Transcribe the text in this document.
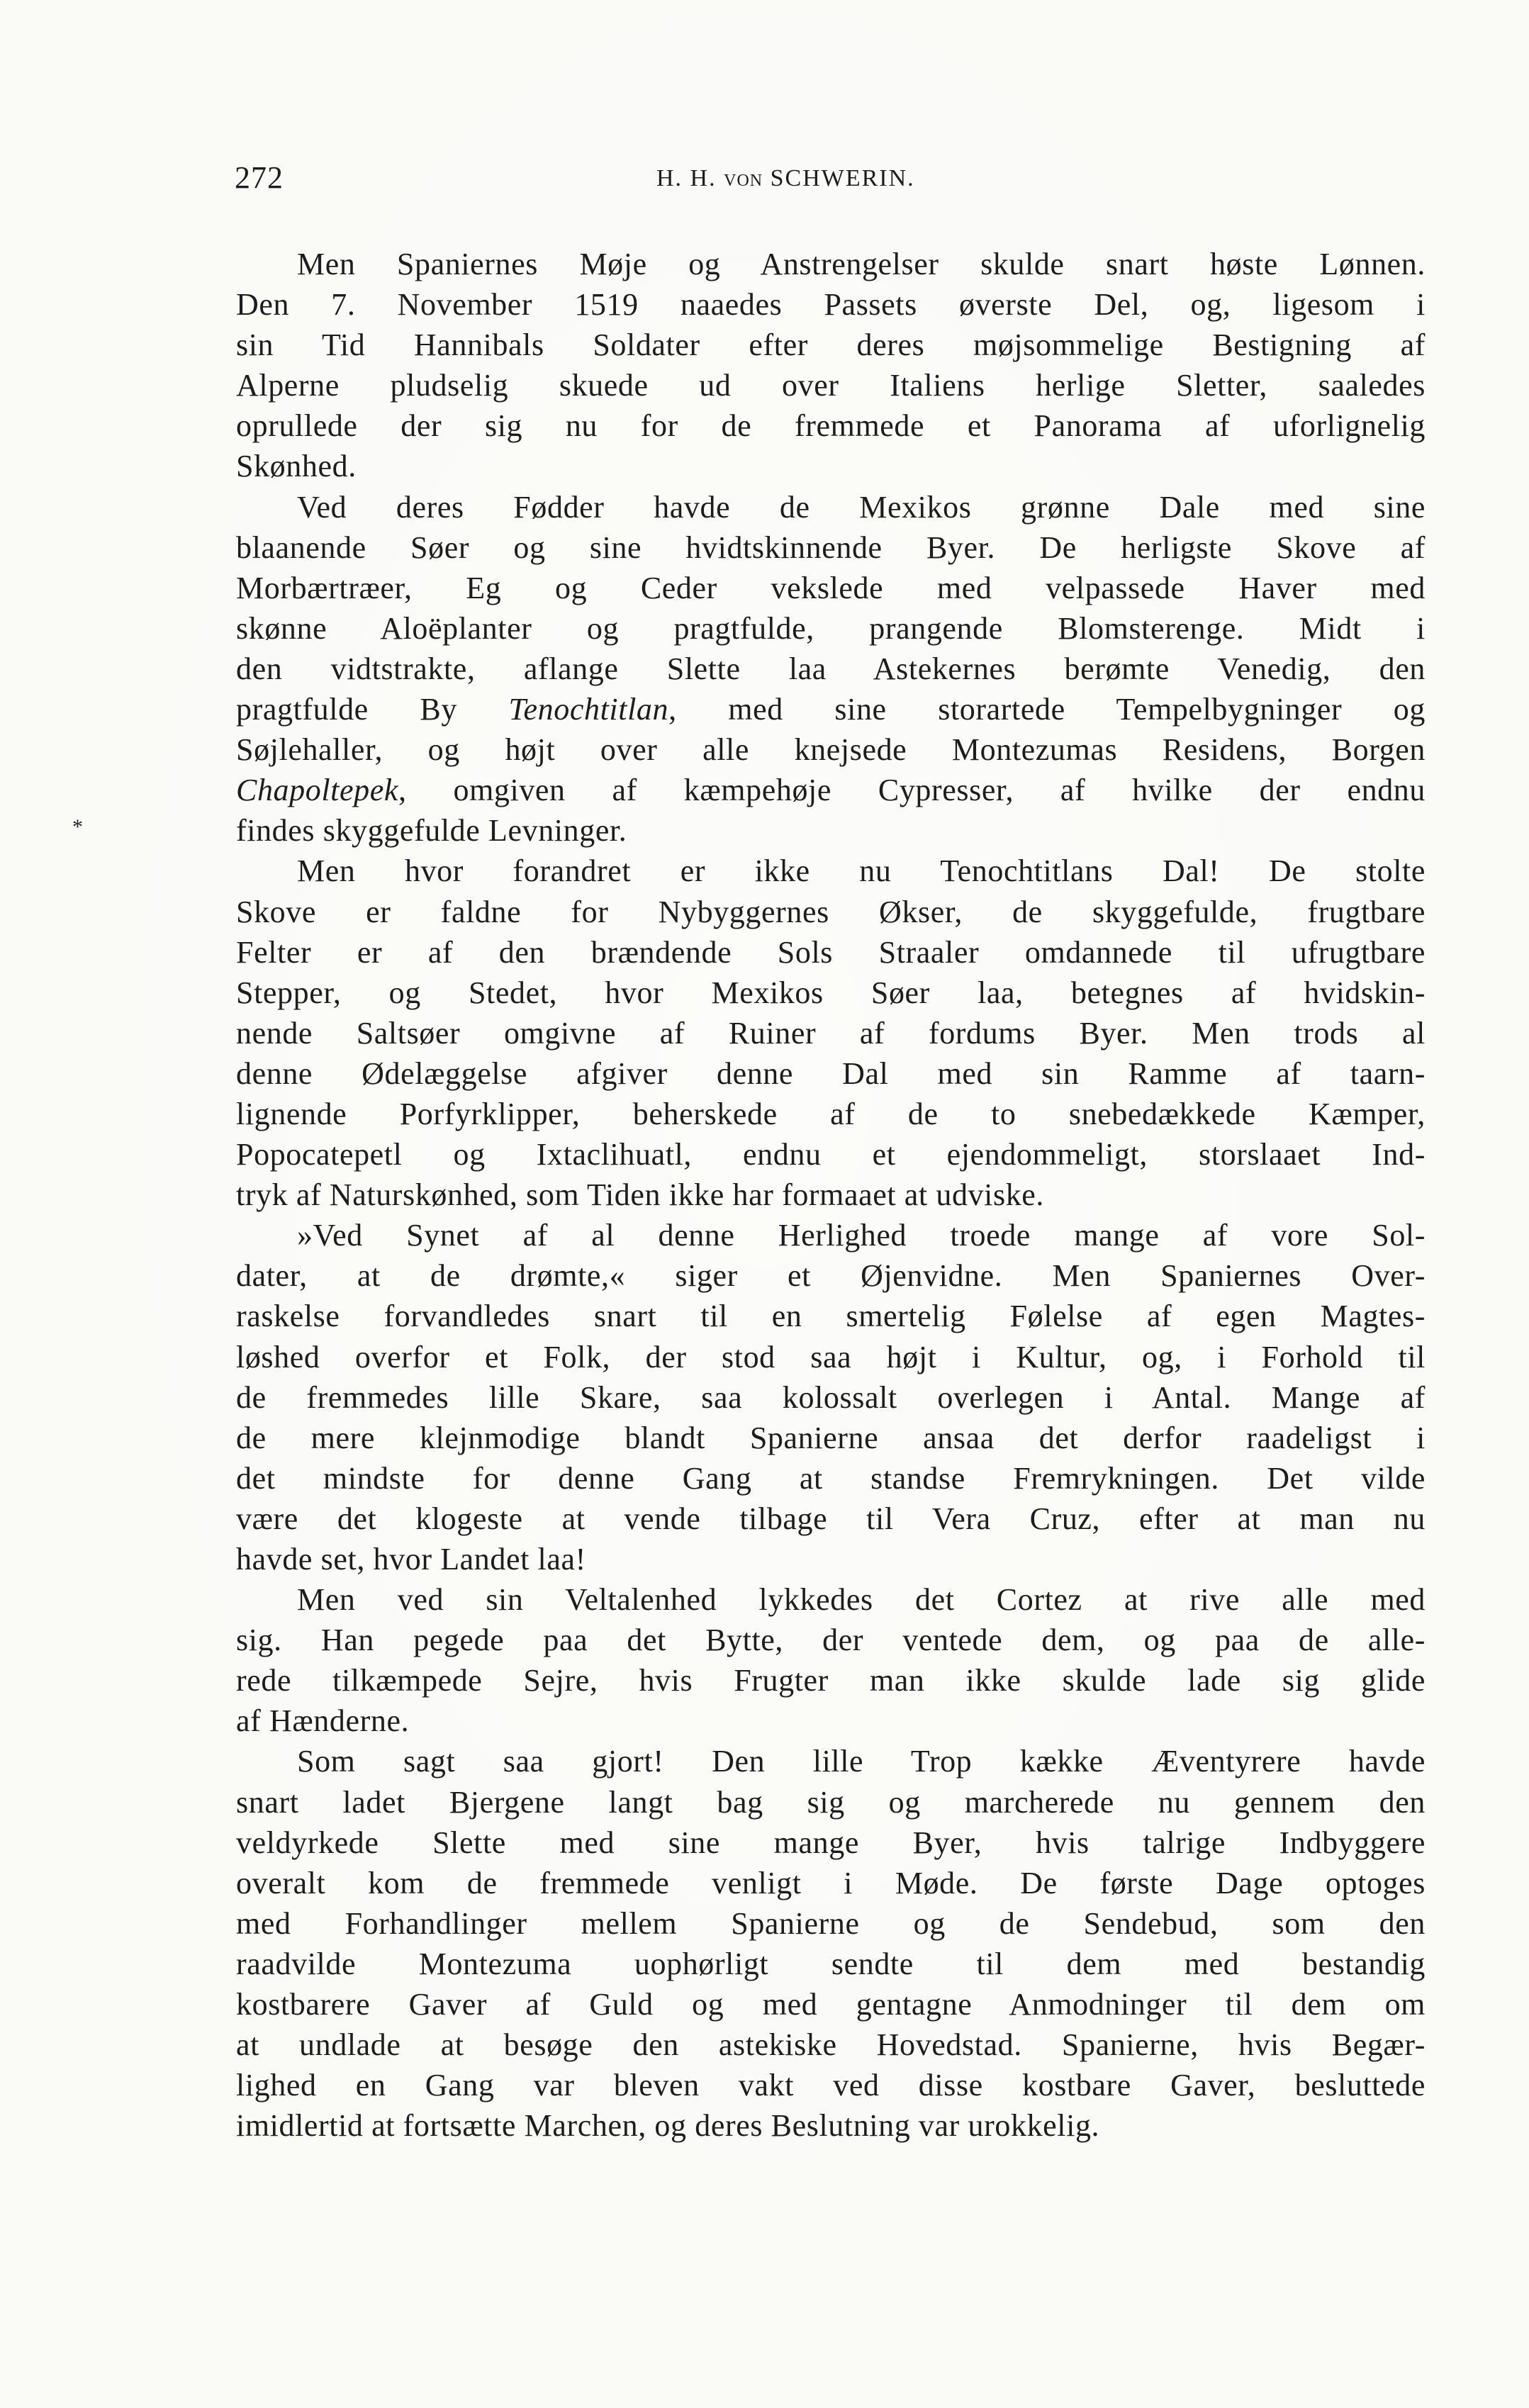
272	H. H. VON SCHWERIN.
*
Men Spaniernes Møje og Anstrengelser skulde snart høste Lønnen.
Den 7. November 1519 naaedes Passets øverste Del, og, ligesom i
sin Tid Hannibals Soldater efter deres møjsommelige Bestigning af
Alperne pludselig skuede ud over Italiens herlige Sletter, saaledes
oprullede der sig nu for de fremmede et Panorama af uforlignelig
Skønhed.
Ved deres Fødder havde de Mexikos grønne Dale med sine
blaanende Søer og sine hvidtskinnende Byer. De herligste Skove af
Morbærtræer, Eg og Ceder vekslede med velpassede Haver med
skønne Aloëplanter og pragtfulde, prangende Blomsterenge. Midt i
den vidtstrakte, aflange Slette laa Astekernes berømte Venedig, den
pragtfulde By Tenochtitlan, med sine storartede Tempelbygninger og
Søjlehaller, og højt over alle knejsede Montezumas Residens, Borgen
Chapoltepek, omgiven af kæmpehøje Cypresser, af hvilke der endnu
findes skyggefulde Levninger.
Men hvor forandret er ikke nu Tenochtitlans Dal! De stolte
Skove er faldne for Nybyggernes Økser, de skyggefulde, frugtbare
Felter er af den brændende Sols Straaler omdannede til ufrugtbare
Stepper, og Stedet, hvor Mexikos Søer laa, betegnes af hvidskin-
nende Saltsøer omgivne af Ruiner af fordums Byer. Men trods al
denne Ødelæggelse afgiver denne Dal med sin Ramme af taarn-
lignende Porfyrklipper, beherskede af de to snebedækkede Kæmper,
Popocatepetl og Ixtaclihuatl, endnu et ejendommeligt, storslaaet Ind-
tryk af Naturskønhed, som Tiden ikke har formaaet at udviske.
»Ved Synet af al denne Herlighed troede mange af vore Sol-
dater, at de drømte,« siger et Øjenvidne. Men Spaniernes Over-
raskelse forvandledes snart til en smertelig Følelse af egen Magtes-
løshed overfor et Folk, der stod saa højt i Kultur, og, i Forhold til
de fremmedes lille Skare, saa kolossalt overlegen i Antal. Mange af
de mere klejnmodige blandt Spanierne ansaa det derfor raadeligst i
det mindste for denne Gang at standse Fremrykningen. Det vilde
være det klogeste at vende tilbage til Vera Cruz, efter at man nu
havde set, hvor Landet laa!
Men ved sin Veltalenhed lykkedes det Cortez at rive alle med
sig. Han pegede paa det Bytte, der ventede dem, og paa de alle-
rede tilkæmpede Sejre, hvis Frugter man ikke skulde lade sig glide
af Hænderne.
Som sagt saa gjort! Den lille Trop kække Æventyrere havde
snart ladet Bjergene langt bag sig og marcherede nu gennem den
veldyrkede Slette med sine mange Byer, hvis talrige Indbyggere
overalt kom de fremmede venligt i Møde. De første Dage optoges
med Forhandlinger mellem Spanierne og de Sendebud, som den
raadvilde Montezuma uophørligt sendte til dem med bestandig
kostbarere Gaver af Guld og med gentagne Anmodninger til dem om
at undlade at besøge den astekiske Hovedstad. Spanierne, hvis Begær-
lighed en Gang var bleven vakt ved disse kostbare Gaver, besluttede
imidlertid at fortsætte Marchen, og deres Beslutning var urokkelig.
